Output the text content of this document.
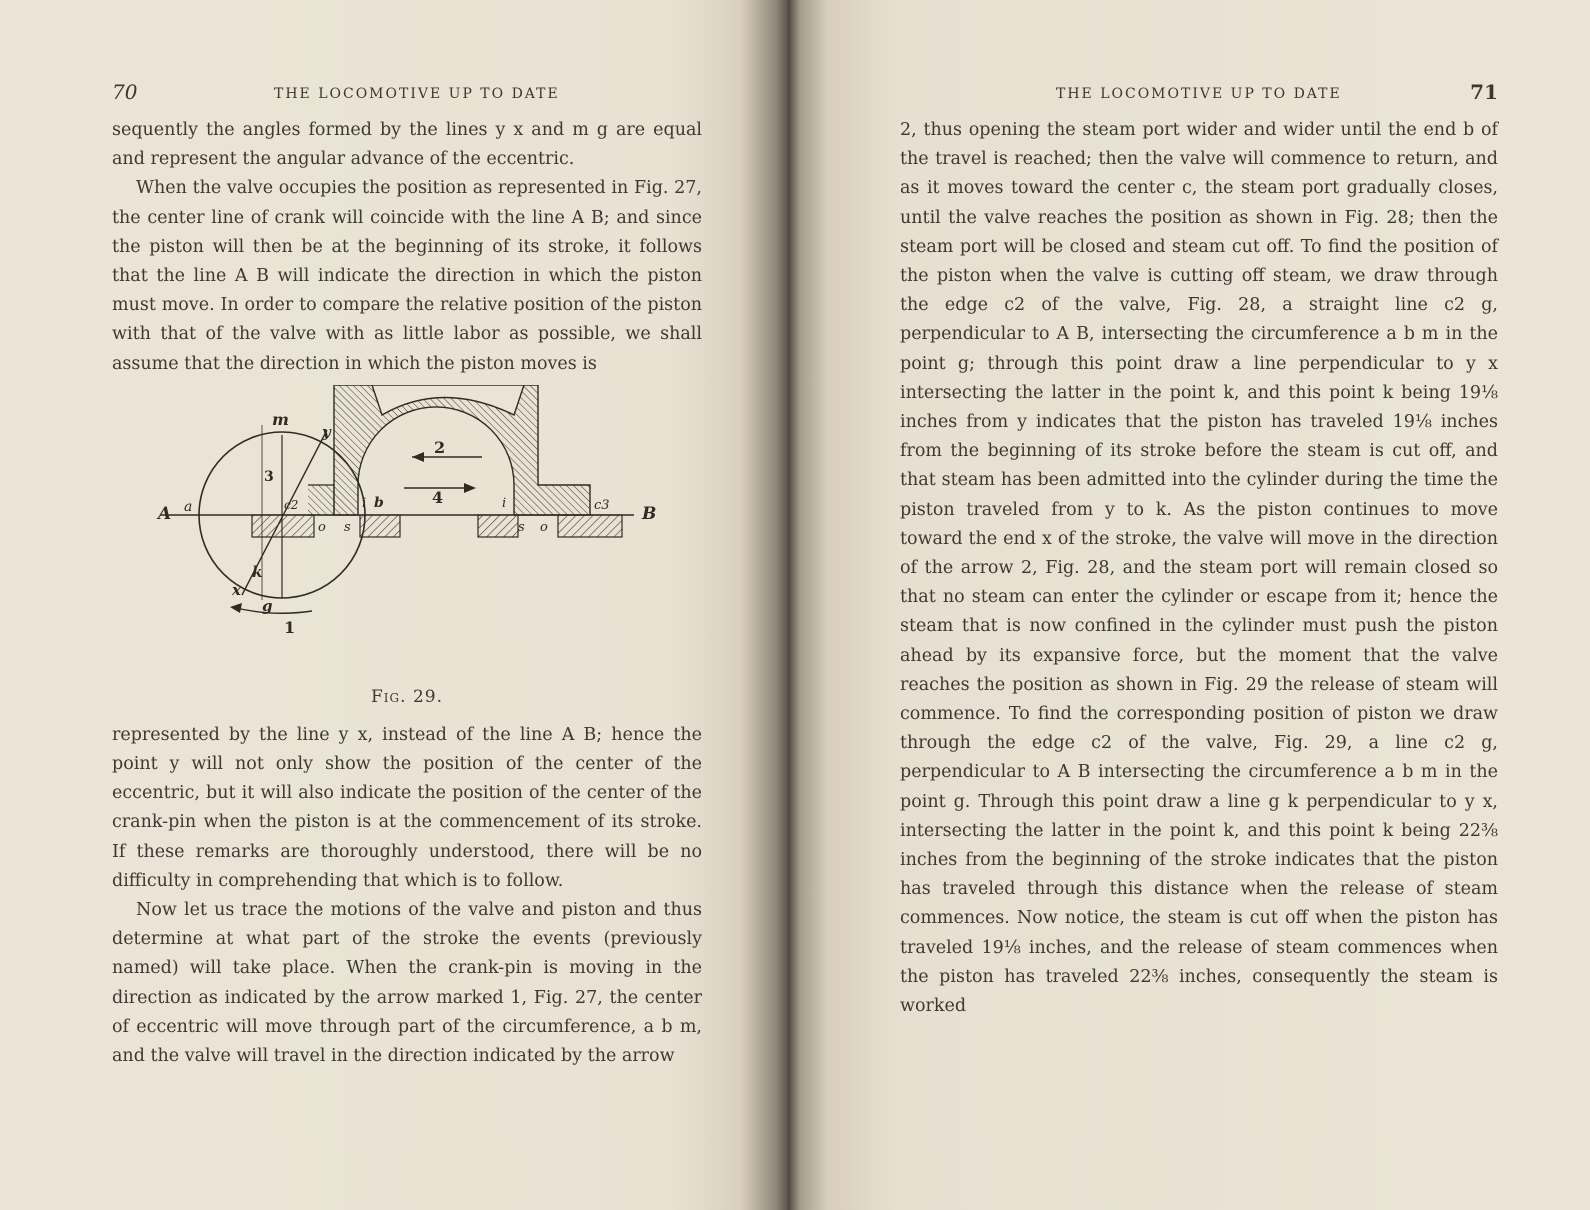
70	THE LOCOMOTIVE UP TO DATE

sequently the angles formed by the lines y x and m g are equal and represent the angular advance of the eccentric.

When the valve occupies the position as represented in Fig. 27, the center line of crank will coincide with the line A B; and since the piston will then be at the beginning of its stroke, it follows that the line A B will indicate the direction in which the piston must move. In order to compare the relative position of the piston with that of the valve with as little labor as possible, we shall assume that the direction in which the piston moves is

A a	B
m
y
x
g
k
b
i	i
o	o
s	s
c2	c3
1
2
4
3
Fig. 29.

represented by the line y x, instead of the line A B; hence the point y will not only show the position of the center of the eccentric, but it will also indicate the position of the center of the crank-pin when the piston is at the commencement of its stroke. If these remarks are thoroughly understood, there will be no difficulty in comprehending that which is to follow.

Now let us trace the motions of the valve and piston and thus determine at what part of the stroke the events (previously named) will take place. When the crank-pin is moving in the direction as indicated by the arrow marked 1, Fig. 27, the center of eccentric will move through part of the circumference, a b m, and the valve will travel in the direction indicated by the arrow

THE LOCOMOTIVE UP TO DATE	71

2, thus opening the steam port wider and wider until the end b of the travel is reached; then the valve will commence to return, and as it moves toward the center c, the steam port gradually closes, until the valve reaches the position as shown in Fig. 28; then the steam port will be closed and steam cut off. To find the position of the piston when the valve is cutting off steam, we draw through the edge c2 of the valve, Fig. 28, a straight line c2 g, perpendicular to A B, intersecting the circumference a b m in the point g; through this point draw a line perpendicular to y x intersecting the latter in the point k, and this point k being 19⅛ inches from y indicates that the piston has traveled 19⅛ inches from the beginning of its stroke before the steam is cut off, and that steam has been admitted into the cylinder during the time the piston traveled from y to k. As the piston continues to move toward the end x of the stroke, the valve will move in the direction of the arrow 2, Fig. 28, and the steam port will remain closed so that no steam can enter the cylinder or escape from it; hence the steam that is now confined in the cylinder must push the piston ahead by its expansive force, but the moment that the valve reaches the position as shown in Fig. 29 the release of steam will commence. To find the corresponding position of piston we draw through the edge c2 of the valve, Fig. 29, a line c2 g, perpendicular to A B intersecting the circumference a b m in the point g. Through this point draw a line g k perpendicular to y x, intersecting the latter in the point k, and this point k being 22⅜ inches from the beginning of the stroke indicates that the piston has traveled through this distance when the release of steam commences. Now notice, the steam is cut off when the piston has traveled 19⅛ inches, and the release of steam commences when the piston has traveled 22⅜ inches, consequently the steam is worked
